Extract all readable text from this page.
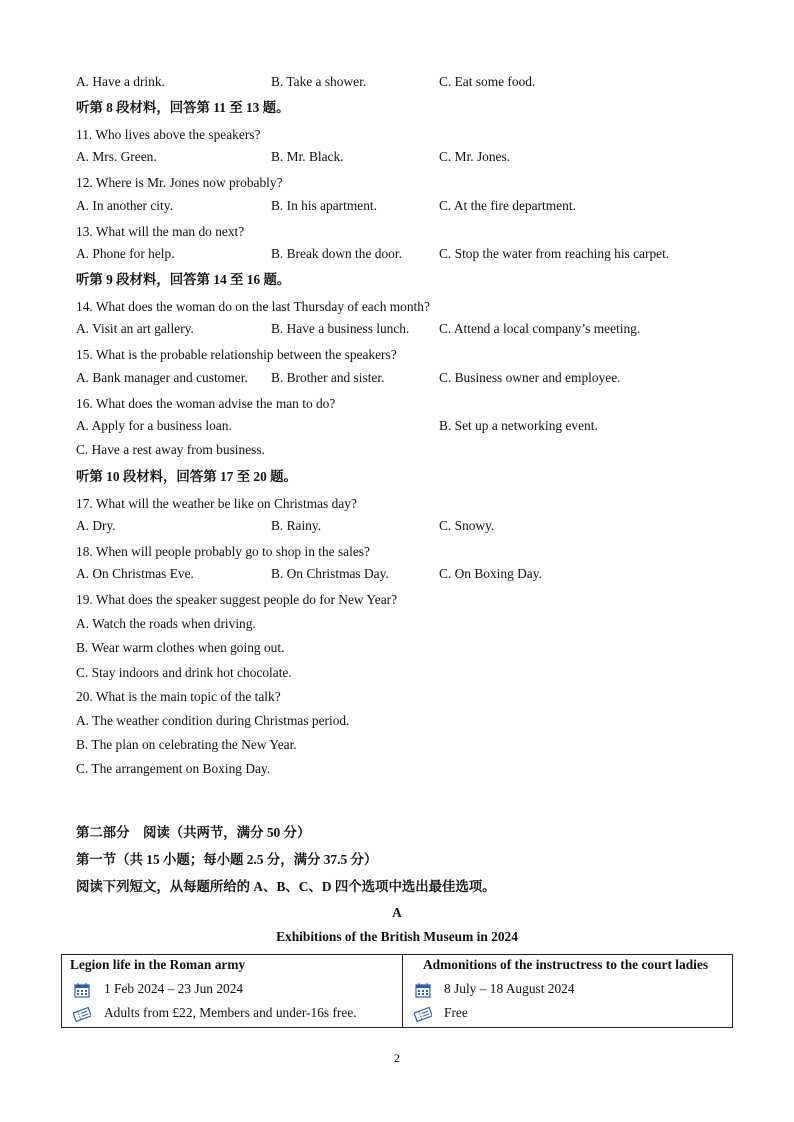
A. Have a drink.	B. Take a shower.	C. Eat some food.
听第 8 段材料，回答第 11 至 13 题。
11. Who lives above the speakers?
A. Mrs. Green.	B. Mr. Black.	C. Mr. Jones.
12. Where is Mr. Jones now probably?
A. In another city.	B. In his apartment.	C. At the fire department.
13. What will the man do next?
A. Phone for help.	B. Break down the door.	C. Stop the water from reaching his carpet.
听第 9 段材料，回答第 14 至 16 题。
14. What does the woman do on the last Thursday of each month?
A. Visit an art gallery.	B. Have a business lunch. C. Attend a local company’s meeting.
15. What is the probable relationship between the speakers?
A. Bank manager and customer. B. Brother and sister.	C. Business owner and employee.
16. What does the woman advise the man to do?
A. Apply for a business loan.	B. Set up a networking event.
C. Have a rest away from business.
听第 10 段材料，回答第 17 至 20 题。
17. What will the weather be like on Christmas day?
A. Dry.	B. Rainy.	C. Snowy.
18. When will people probably go to shop in the sales?
A. On Christmas Eve.	B. On Christmas Day.	C. On Boxing Day.
19. What does the speaker suggest people do for New Year?
A. Watch the roads when driving.
B. Wear warm clothes when going out.
C. Stay indoors and drink hot chocolate.
20. What is the main topic of the talk?
A. The weather condition during Christmas period.
B. The plan on celebrating the New Year.
C. The arrangement on Boxing Day.
第二部分　阅读（共两节，满分 50 分）
第一节（共 15 小题；每小题 2.5 分，满分 37.5 分）
阅读下列短文，从每题所给的 A、B、C、D 四个选项中选出最佳选项。
A
Exhibitions of the British Museum in 2024
Legion life in the Roman army
1 Feb 2024 – 23 Jun 2024
Adults from £22, Members and under-16s free.

Admonitions of the instructress to the court ladies
8 July – 18 August 2024
Free
2
